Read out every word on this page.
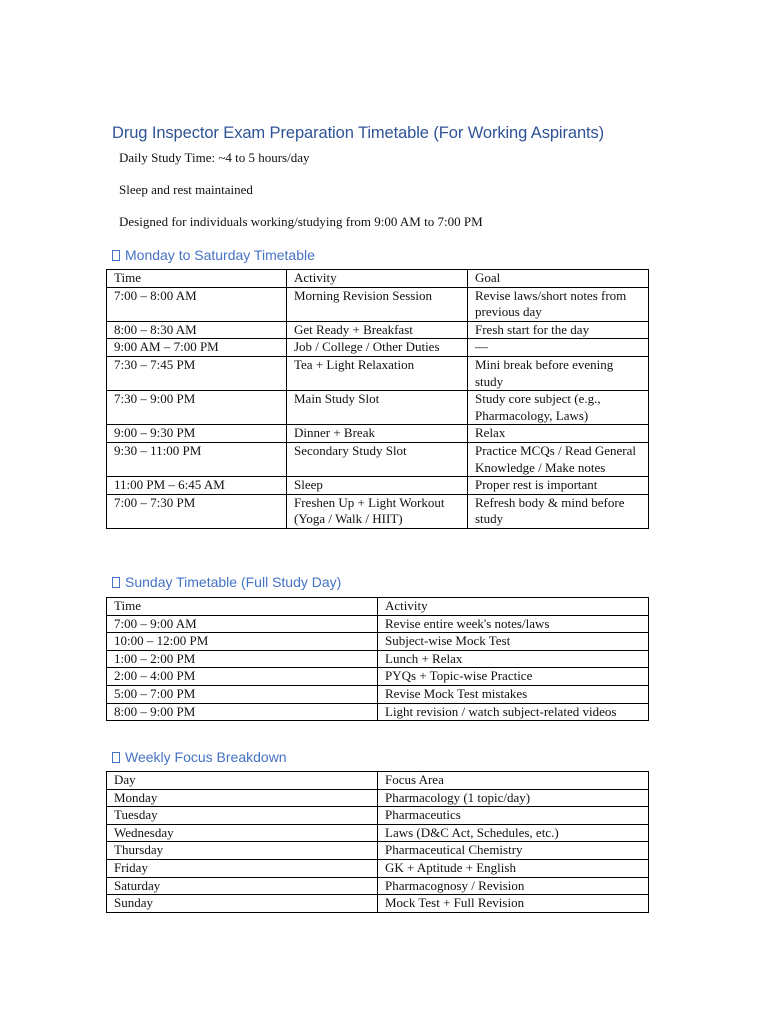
Drug Inspector Exam Preparation Timetable (For Working Aspirants)
Daily Study Time: ~4 to 5 hours/day
Sleep and rest maintained
Designed for individuals working/studying from 9:00 AM to 7:00 PM
Monday to Saturday Timetable
Time	Activity	Goal
7:00 – 8:00 AM	Morning Revision Session	Revise laws/short notes from previous day
8:00 – 8:30 AM	Get Ready + Breakfast	Fresh start for the day
9:00 AM – 7:00 PM	Job / College / Other Duties	—
7:30 – 7:45 PM	Tea + Light Relaxation	Mini break before evening study
7:30 – 9:00 PM	Main Study Slot	Study core subject (e.g., Pharmacology, Laws)
9:00 – 9:30 PM	Dinner + Break	Relax
9:30 – 11:00 PM	Secondary Study Slot	Practice MCQs / Read General Knowledge / Make notes
11:00 PM – 6:45 AM	Sleep	Proper rest is important
7:00 – 7:30 PM	Freshen Up + Light Workout (Yoga / Walk / HIIT)	Refresh body & mind before study
Sunday Timetable (Full Study Day)
Time	Activity
7:00 – 9:00 AM	Revise entire week's notes/laws
10:00 – 12:00 PM	Subject-wise Mock Test
1:00 – 2:00 PM	Lunch + Relax
2:00 – 4:00 PM	PYQs + Topic-wise Practice
5:00 – 7:00 PM	Revise Mock Test mistakes
8:00 – 9:00 PM	Light revision / watch subject-related videos
Weekly Focus Breakdown
Day	Focus Area
Monday	Pharmacology (1 topic/day)
Tuesday	Pharmaceutics
Wednesday	Laws (D&C Act, Schedules, etc.)
Thursday	Pharmaceutical Chemistry
Friday	GK + Aptitude + English
Saturday	Pharmacognosy / Revision
Sunday	Mock Test + Full Revision
